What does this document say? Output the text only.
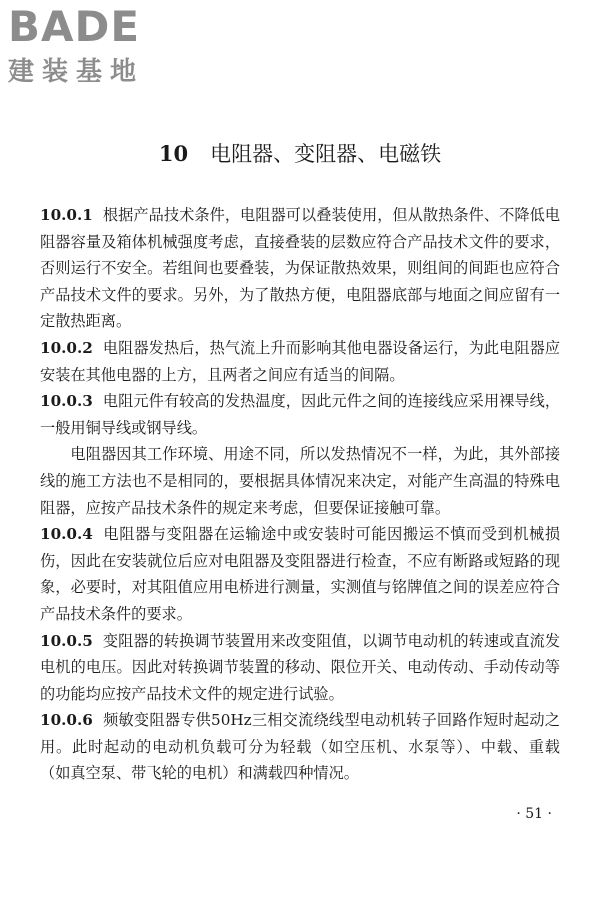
BADE
建装基地
10 电阻器、变阻器、电磁铁

10.0.1 根据产品技术条件，电阻器可以叠装使用，但从散热条件、不降低电阻器容量及箱体机械强度考虑，直接叠装的层数应符合产品技术文件的要求，否则运行不安全。若组间也要叠装，为保证散热效果，则组间的间距也应符合产品技术文件的要求。另外，为了散热方便，电阻器底部与地面之间应留有一定散热距离。

10.0.2 电阻器发热后，热气流上升而影响其他电器设备运行，为此电阻器应安装在其他电器的上方，且两者之间应有适当的间隔。

10.0.3 电阻元件有较高的发热温度，因此元件之间的连接线应采用裸导线，一般用铜导线或钢导线。

电阻器因其工作环境、用途不同，所以发热情况不一样，为此，其外部接线的施工方法也不是相同的，要根据具体情况来决定，对能产生高温的特殊电阻器，应按产品技术条件的规定来考虑，但要保证接触可靠。

10.0.4 电阻器与变阻器在运输途中或安装时可能因搬运不慎而受到机械损伤，因此在安装就位后应对电阻器及变阻器进行检查，不应有断路或短路的现象，必要时，对其阻值应用电桥进行测量，实测值与铭牌值之间的误差应符合产品技术条件的要求。

10.0.5 变阻器的转换调节装置用来改变阻值，以调节电动机的转速或直流发电机的电压。因此对转换调节装置的移动、限位开关、电动传动、手动传动等的功能均应按产品技术文件的规定进行试验。

10.0.6 频敏变阻器专供50Hz三相交流绕线型电动机转子回路作短时起动之用。此时起动的电动机负载可分为轻载（如空压机、水泵等）、中载、重载（如真空泵、带飞轮的电机）和满载四种情况。

· 51 ·
